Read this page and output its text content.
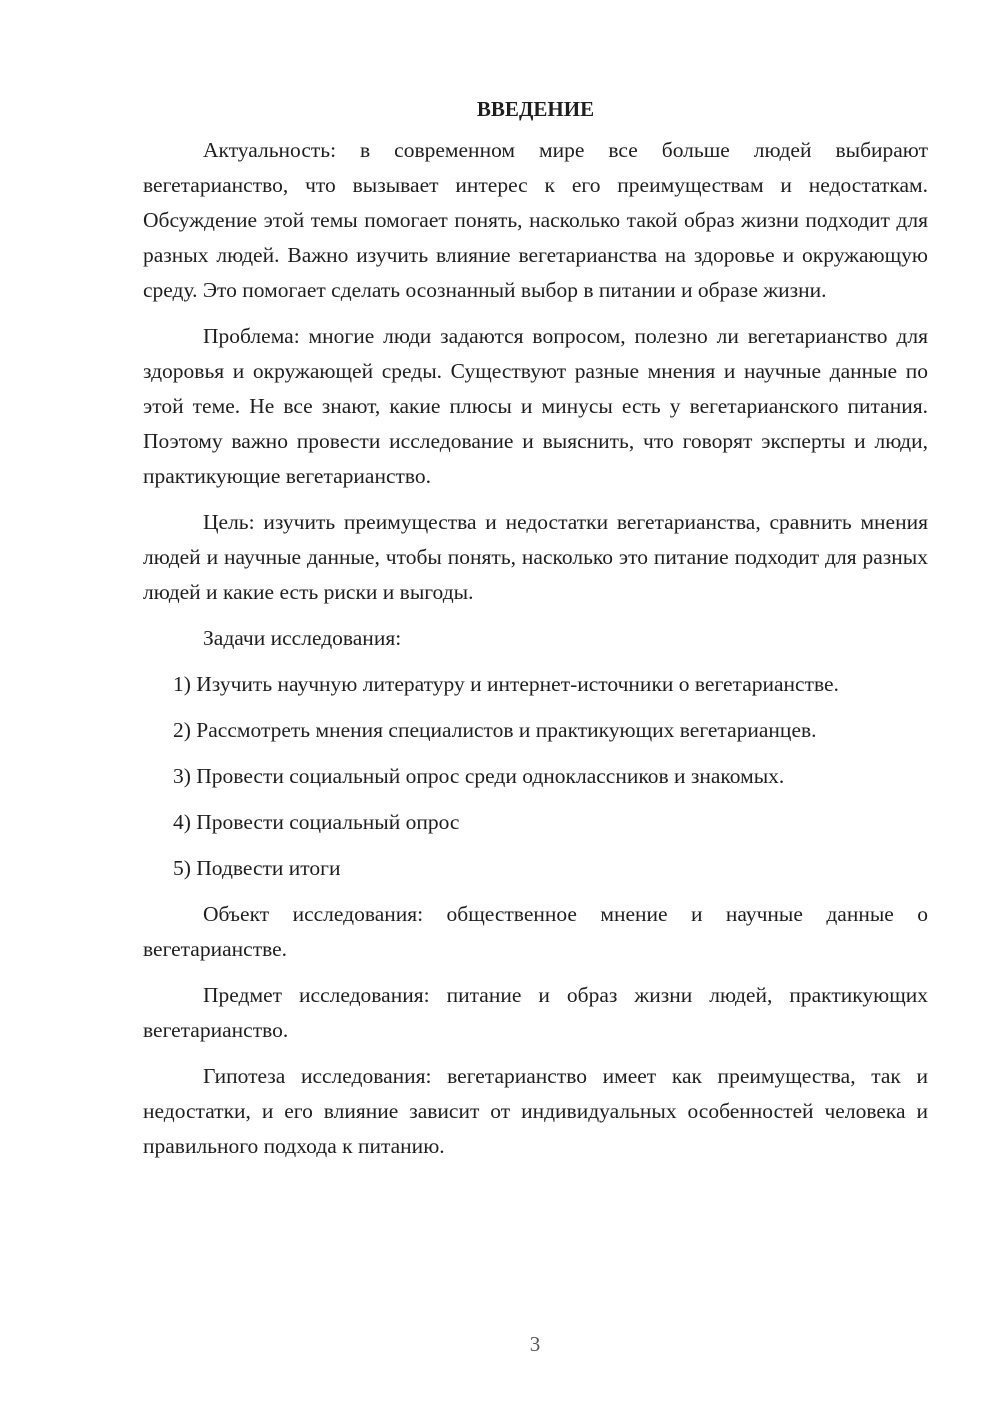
ВВЕДЕНИЕ

Актуальность: в современном мире все больше людей выбирают вегетарианство, что вызывает интерес к его преимуществам и недостаткам. Обсуждение этой темы помогает понять, насколько такой образ жизни подходит для разных людей. Важно изучить влияние вегетарианства на здоровье и окружающую среду. Это помогает сделать осознанный выбор в питании и образе жизни.

Проблема: многие люди задаются вопросом, полезно ли вегетарианство для здоровья и окружающей среды. Существуют разные мнения и научные данные по этой теме. Не все знают, какие плюсы и минусы есть у вегетарианского питания. Поэтому важно провести исследование и выяснить, что говорят эксперты и люди, практикующие вегетарианство.

Цель: изучить преимущества и недостатки вегетарианства, сравнить мнения людей и научные данные, чтобы понять, насколько это питание подходит для разных людей и какие есть риски и выгоды.

Задачи исследования:

1) Изучить научную литературу и интернет-источники о вегетарианстве.
2) Рассмотреть мнения специалистов и практикующих вегетарианцев.
3) Провести социальный опрос среди одноклассников и знакомых.
4) Провести социальный опрос
5) Подвести итоги

Объект исследования: общественное мнение и научные данные о вегетарианстве.

Предмет исследования: питание и образ жизни людей, практикующих вегетарианство.

Гипотеза исследования: вегетарианство имеет как преимущества, так и недостатки, и его влияние зависит от индивидуальных особенностей человека и правильного подхода к питанию.

3
